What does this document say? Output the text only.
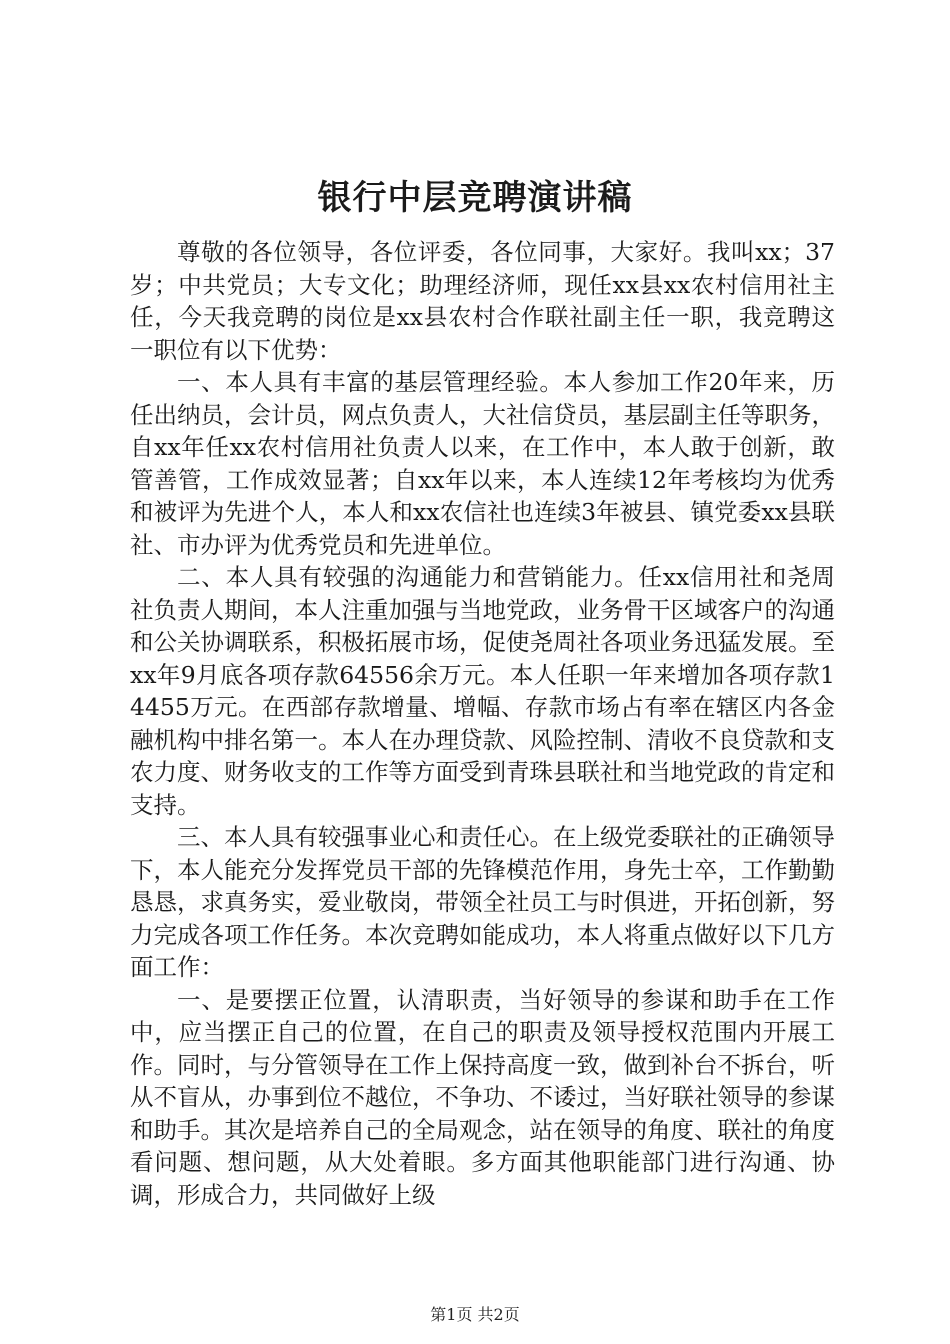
银行中层竞聘演讲稿

尊敬的各位领导，各位评委，各位同事，大家好。我叫xx；37岁；中共党员；大专文化；助理经济师，现任xx县xx农村信用社主任，今天我竞聘的岗位是xx县农村合作联社副主任一职，我竞聘这一职位有以下优势：

一、本人具有丰富的基层管理经验。本人参加工作20年来，历任出纳员，会计员，网点负责人，大社信贷员，基层副主任等职务，自xx年任xx农村信用社负责人以来，在工作中，本人敢于创新，敢管善管，工作成效显著；自xx年以来，本人连续12年考核均为优秀和被评为先进个人，本人和xx农信社也连续3年被县、镇党委xx县联社、市办评为优秀党员和先进单位。

二、本人具有较强的沟通能力和营销能力。任xx信用社和尧周社负责人期间，本人注重加强与当地党政，业务骨干区域客户的沟通和公关协调联系，积极拓展市场，促使尧周社各项业务迅猛发展。至xx年9月底各项存款64556余万元。本人任职一年来增加各项存款14455万元。在西部存款增量、增幅、存款市场占有率在辖区内各金融机构中排名第一。本人在办理贷款、风险控制、清收不良贷款和支农力度、财务收支的工作等方面受到青珠县联社和当地党政的肯定和支持。

三、本人具有较强事业心和责任心。在上级党委联社的正确领导下，本人能充分发挥党员干部的先锋模范作用，身先士卒，工作勤勤恳恳，求真务实，爱业敬岗，带领全社员工与时俱进，开拓创新，努力完成各项工作任务。本次竞聘如能成功，本人将重点做好以下几方面工作：

一、是要摆正位置，认清职责，当好领导的参谋和助手在工作中，应当摆正自己的位置，在自己的职责及领导授权范围内开展工作。同时，与分管领导在工作上保持高度一致，做到补台不拆台，听从不盲从，办事到位不越位，不争功、不诿过，当好联社领导的参谋和助手。其次是培养自己的全局观念，站在领导的角度、联社的角度看问题、想问题，从大处着眼。多方面其他职能部门进行沟通、协调，形成合力，共同做好上级

第1页 共2页
